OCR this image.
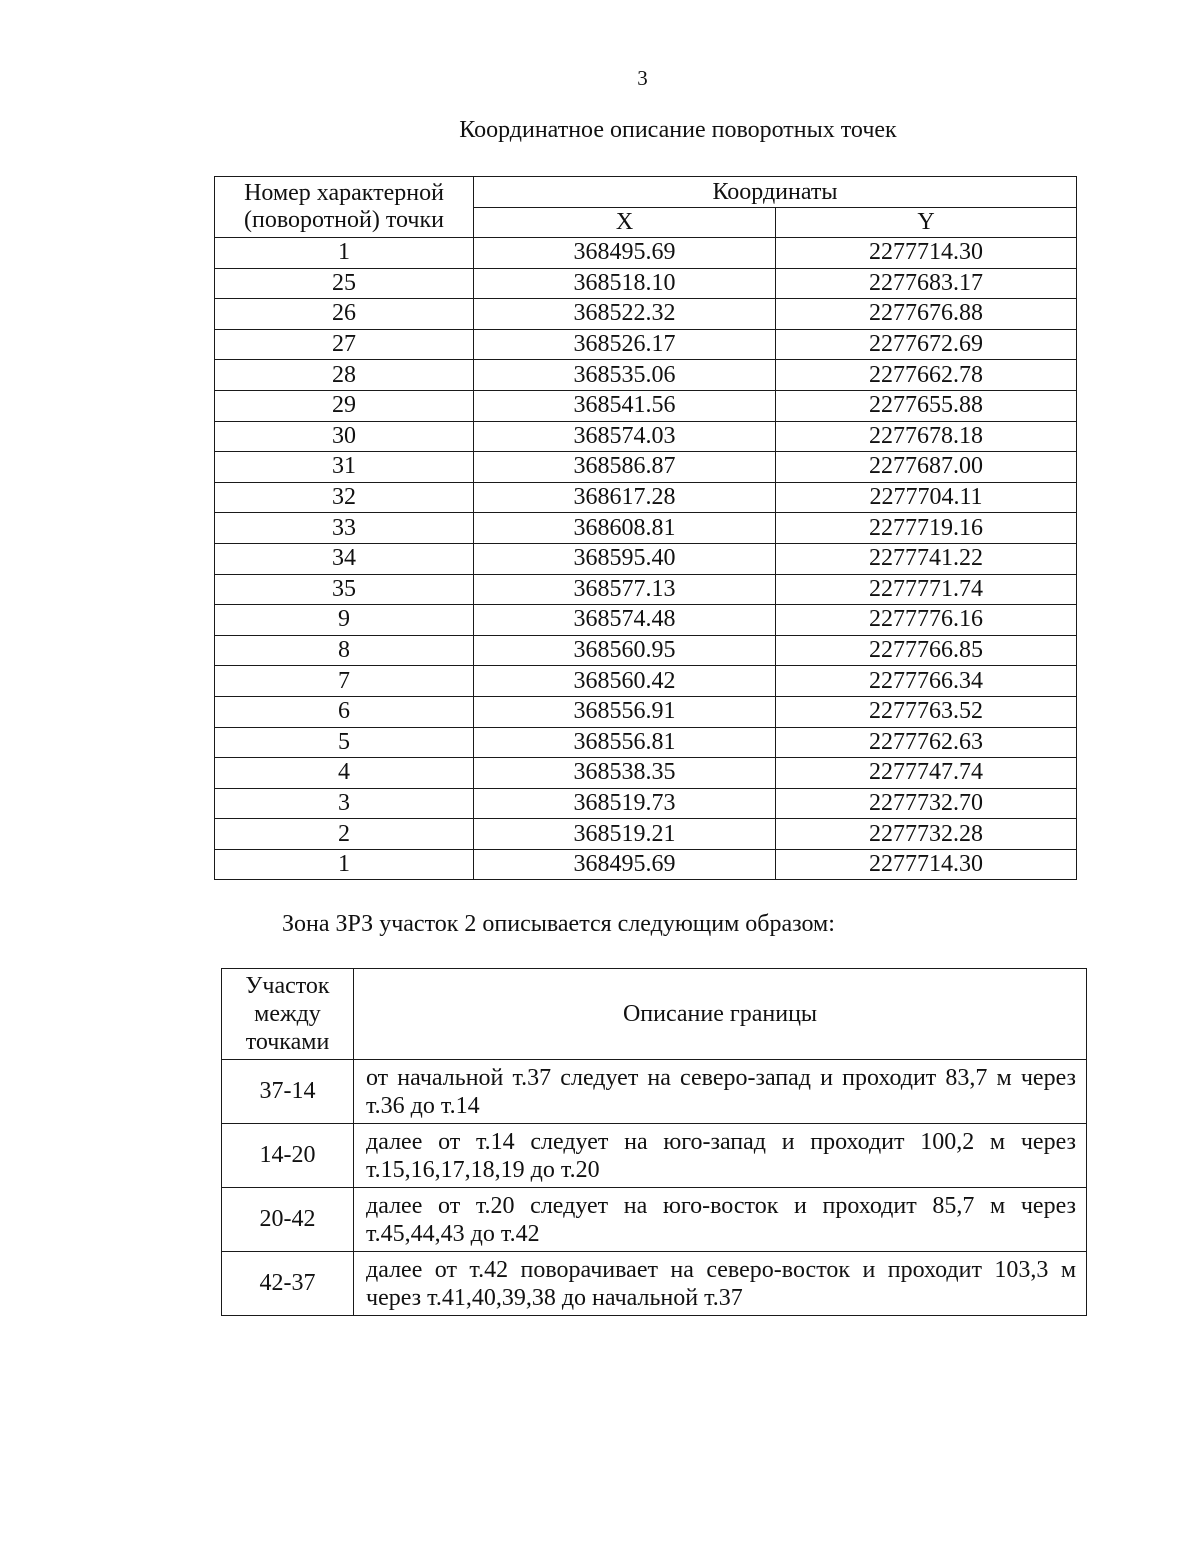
3
Координатное описание поворотных точек
Номер характерной (поворотной) точки	Координаты	
	X	Y
1	368495.69	2277714.30
25	368518.10	2277683.17
26	368522.32	2277676.88
27	368526.17	2277672.69
28	368535.06	2277662.78
29	368541.56	2277655.88
30	368574.03	2277678.18
31	368586.87	2277687.00
32	368617.28	2277704.11
33	368608.81	2277719.16
34	368595.40	2277741.22
35	368577.13	2277771.74
9	368574.48	2277776.16
8	368560.95	2277766.85
7	368560.42	2277766.34
6	368556.91	2277763.52
5	368556.81	2277762.63
4	368538.35	2277747.74
3	368519.73	2277732.70
2	368519.21	2277732.28
1	368495.69	2277714.30
Зона ЗРЗ участок 2 описывается следующим образом:
Участок между точками	Описание границы
37-14	от начальной т.37 следует на северо-запад и проходит 83,7 м через т.36 до т.14
14-20	далее от т.14 следует на юго-запад и проходит 100,2 м через т.15,16,17,18,19 до т.20
20-42	далее от т.20 следует на юго-восток и проходит 85,7 м через т.45,44,43 до т.42
42-37	далее от т.42 поворачивает на северо-восток и проходит 103,3 м через т.41,40,39,38 до начальной т.37
